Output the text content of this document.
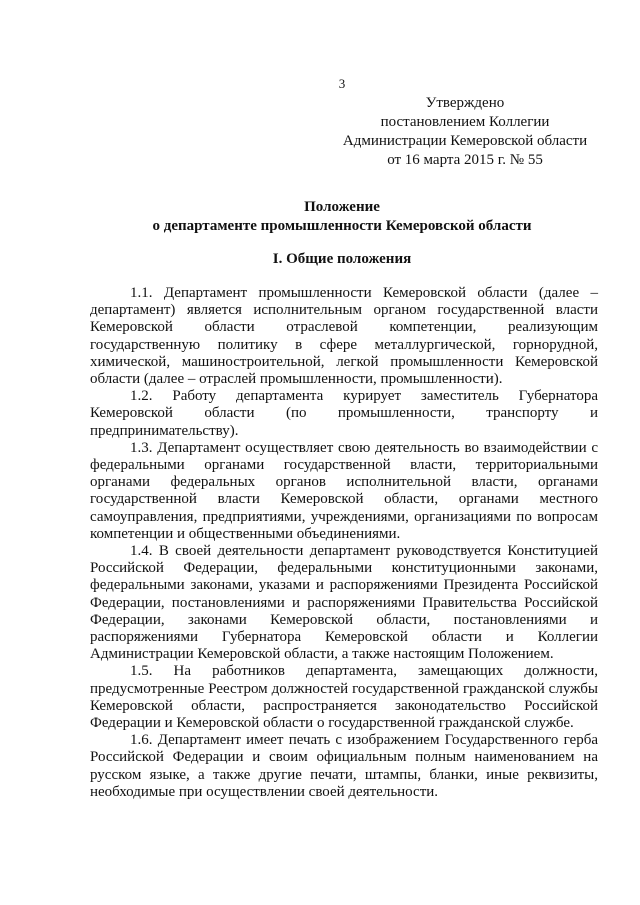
3
Утверждено
постановлением Коллегии
Администрации Кемеровской области
от 16 марта 2015 г. № 55
Положение
о департаменте промышленности Кемеровской области
I. Общие положения

1.1. Департамент промышленности Кемеровской области (далее – департамент) является исполнительным органом государственной власти Кемеровской области отраслевой компетенции, реализующим государственную политику в сфере металлургической, горнорудной, химической, машиностроительной, легкой промышленности Кемеровской области (далее – отраслей промышленности, промышленности).

1.2. Работу департамента курирует заместитель Губернатора Кемеровской области (по промышленности, транспорту и предпринимательству).

1.3. Департамент осуществляет свою деятельность во взаимодействии с федеральными органами государственной власти, территориальными органами федеральных органов исполнительной власти, органами государственной власти Кемеровской области, органами местного самоуправления, предприятиями, учреждениями, организациями по вопросам компетенции и общественными объединениями.

1.4. В своей деятельности департамент руководствуется Конституцией Российской Федерации, федеральными конституционными законами, федеральными законами, указами и распоряжениями Президента Российской Федерации, постановлениями и распоряжениями Правительства Российской Федерации, законами Кемеровской области, постановлениями и распоряжениями Губернатора Кемеровской области и Коллегии Администрации Кемеровской области, а также настоящим Положением.

1.5. На работников департамента, замещающих должности, предусмотренные Реестром должностей государственной гражданской службы Кемеровской области, распространяется законодательство Российской Федерации и Кемеровской области о государственной гражданской службе.

1.6. Департамент имеет печать с изображением Государственного герба Российской Федерации и своим официальным полным наименованием на русском языке, а также другие печати, штампы, бланки, иные реквизиты, необходимые при осуществлении своей деятельности.
